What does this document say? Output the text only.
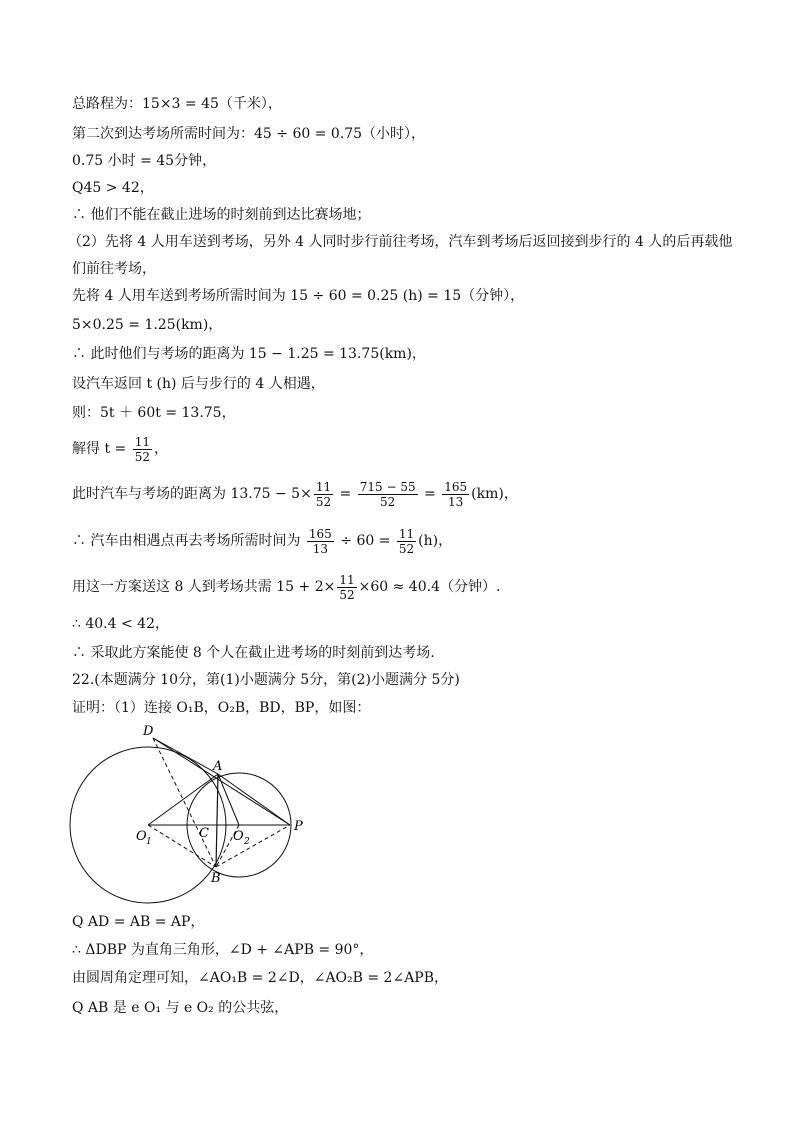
总路程为：15×3 = 45（千米），
第二次到达考场所需时间为：45 ÷ 60 = 0.75（小时），
0.75 小时 = 45分钟，
Q45 > 42，
∴ 他们不能在截止进场的时刻前到达比赛场地；
（2）先将 4 人用车送到考场，另外 4 人同时步行前往考场，汽车到考场后返回接到步行的 4 人的后再载他
们前往考场，
先将 4 人用车送到考场所需时间为 15 ÷ 60 = 0.25 (h) = 15（分钟），
5×0.25 = 1.25(km)，
∴ 此时他们与考场的距离为 15 − 1.25 = 13.75(km)，
设汽车返回 t (h) 后与步行的 4 人相遇，
则：5t ＋ 60t = 13.75，
解得 $t = \frac{11}{52}$ ，
此时汽车与考场的距离为 $13.75 - 5\times \frac{11}{52} = \frac{715 - 55}{52} = \frac{165}{13} (km)$，
∴ 汽车由相遇点再去考场所需时间为 $\frac{165}{13} \div 60 = \frac{11}{52} (h)$，
用这一方案送这 8 人到考场共需 $15 + 2\times \frac{11}{52} \times 60 \approx 40.4$（分钟）.
∴ 40.4 < 42，
∴ 采取此方案能使 8 个人在截止进考场的时刻前到达考场.
22.(本题满分 10分，第(1)小题满分 5分，第(2)小题满分 5分)
证明：（1）连接 O₁B，O₂B，BD，BP，如图：
D
A
O 1
C O 2
P
B
Q AD = AB = AP，
∴ ΔDBP 为直角三角形，∠D + ∠APB = 90°，
由圆周角定理可知，∠AO₁B = 2∠D，∠AO₂B = 2∠APB，
Q AB 是 e O₁ 与 e O₂ 的公共弦，
